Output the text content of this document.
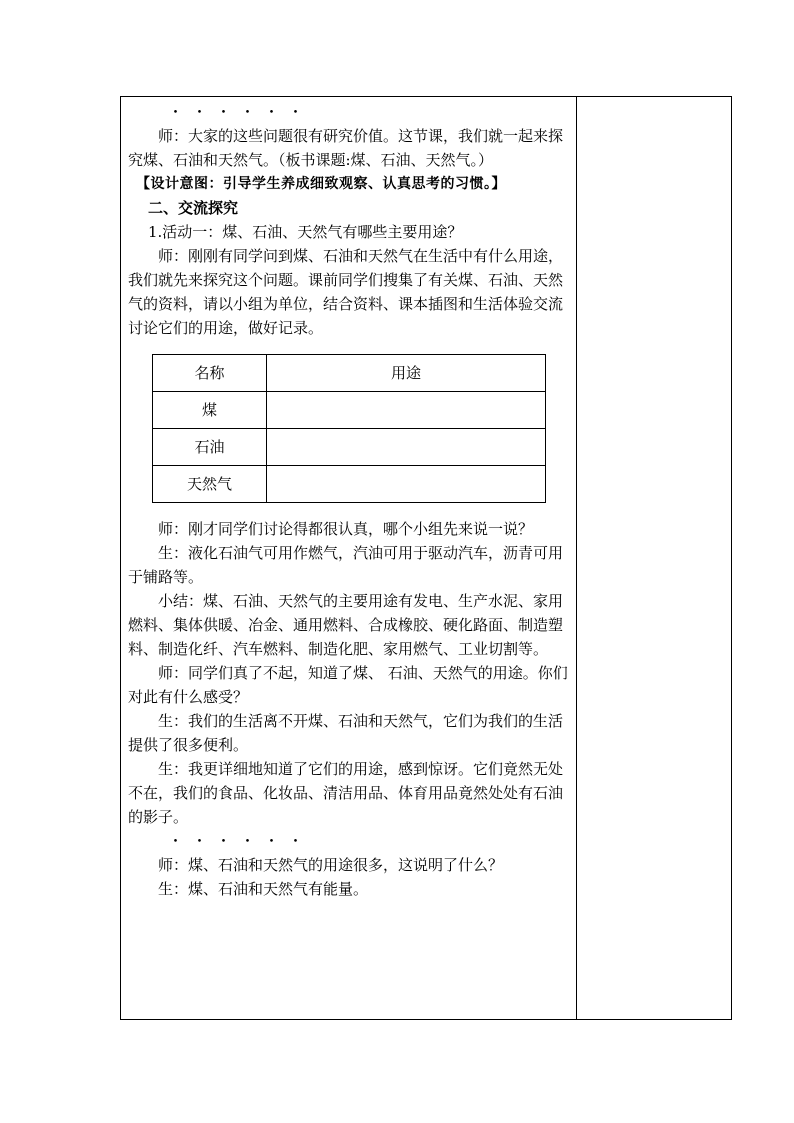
・・・・・・

师：大家的这些问题很有研究价值。这节课，我们就一起来探究煤、石油和天然气。（板书课题:煤、石油、天然气。）

【设计意图：引导学生养成细致观察、认真思考的习惯。】

二、交流探究

1.活动一：煤、石油、天然气有哪些主要用途？

师：刚刚有同学问到煤、石油和天然气在生活中有什么用途，我们就先来探究这个问题。课前同学们搜集了有关煤、石油、天然气的资料，请以小组为单位，结合资料、课本插图和生活体验交流讨论它们的用途，做好记录。

名称	用途
煤	
石油	
天然气	

师：刚才同学们讨论得都很认真，哪个小组先来说一说？

生：液化石油气可用作燃气，汽油可用于驱动汽车，沥青可用于铺路等。

小结：煤、石油、天然气的主要用途有发电、生产水泥、家用燃料、集体供暖、冶金、通用燃料、合成橡胶、硬化路面、制造塑料、制造化纤、汽车燃料、制造化肥、家用燃气、工业切割等。

师：同学们真了不起，知道了煤、 石油、天然气的用途。你们对此有什么感受？

生：我们的生活离不开煤、石油和天然气，它们为我们的生活提供了很多便利。

生：我更详细地知道了它们的用途，感到惊讶。它们竟然无处不在，我们的食品、化妆品、清洁用品、体育用品竟然处处有石油的影子。

・・・・・・

师：煤、石油和天然气的用途很多，这说明了什么？

生：煤、石油和天然气有能量。
